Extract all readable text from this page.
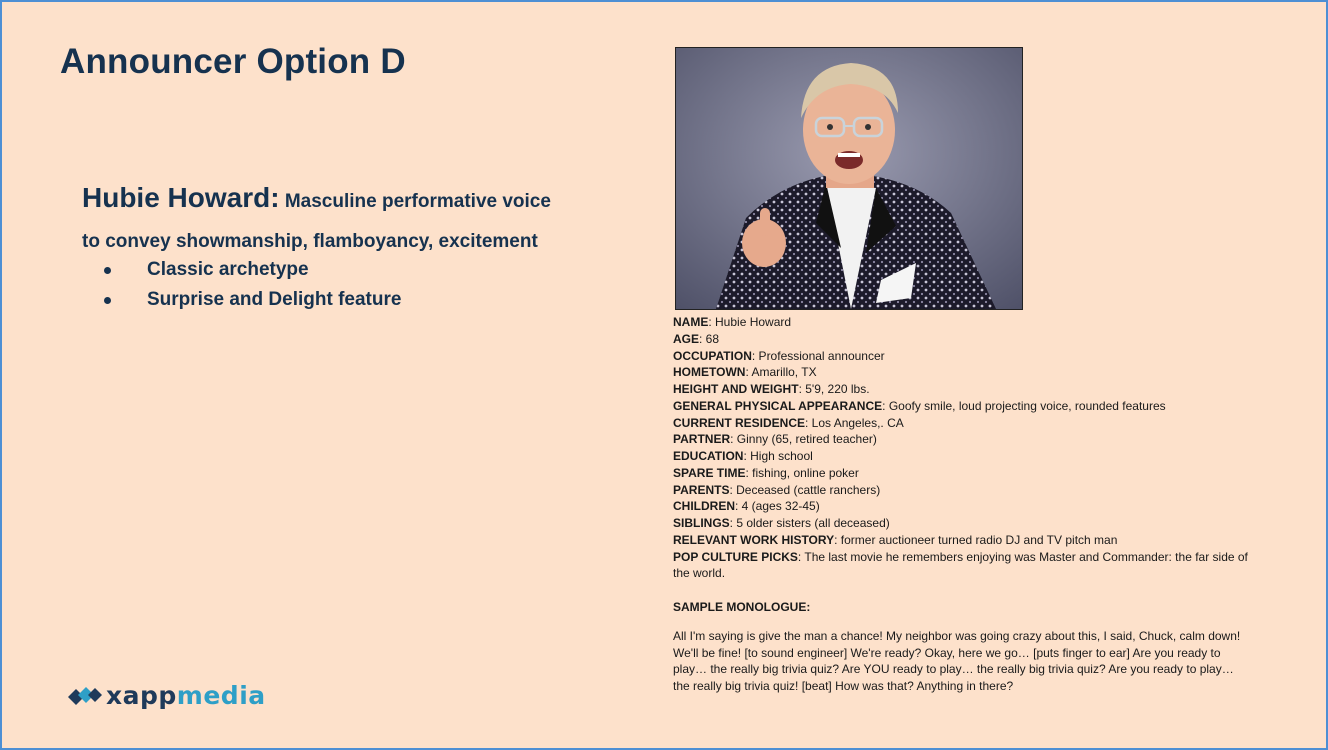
Announcer Option D
Hubie Howard: Masculine performative voice
to convey showmanship, flamboyancy, excitement
Classic archetype
Surprise and Delight feature

NAME: Hubie Howard

AGE: 68

OCCUPATION: Professional announcer

HOMETOWN: Amarillo, TX

HEIGHT AND WEIGHT: 5'9, 220 lbs.

GENERAL PHYSICAL APPEARANCE: Goofy smile, loud projecting voice, rounded features

CURRENT RESIDENCE: Los Angeles,. CA

PARTNER: Ginny (65, retired teacher)

EDUCATION: High school

SPARE TIME: fishing, online poker

PARENTS: Deceased (cattle ranchers)

CHILDREN: 4 (ages 32-45)

SIBLINGS: 5 older sisters (all deceased)

RELEVANT WORK HISTORY: former auctioneer turned radio DJ and TV pitch man

POP CULTURE PICKS: The last movie he remembers enjoying was Master and Commander: the far side of the world.

SAMPLE MONOLOGUE:

All I'm saying is give the man a chance! My neighbor was going crazy about this, I said, Chuck, calm down! We'll be fine! [to sound engineer] We're ready? Okay, here we go… [puts finger to ear] Are you ready to play… the really big trivia quiz? Are YOU ready to play… the really big trivia quiz? Are you ready to play… the really big trivia quiz! [beat] How was that? Anything in there?

xappmedia
